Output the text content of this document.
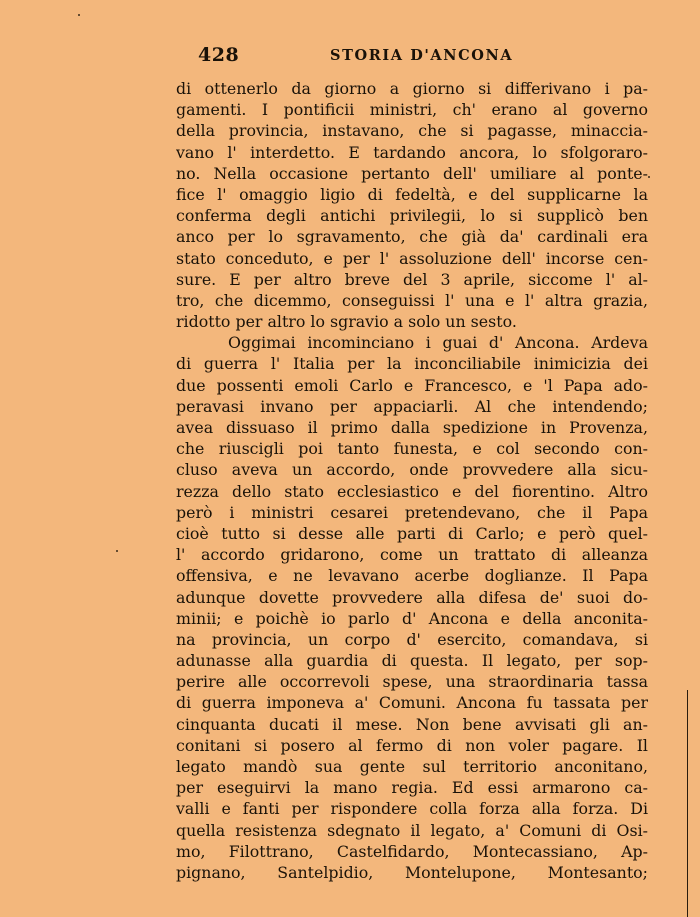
428	STORIA D'ANCONA
di ottenerlo da giorno a giorno si differivano i pa-
gamenti. I pontificii ministri, ch' erano al governo
della provincia, instavano, che si pagasse, minaccia-
vano l' interdetto. E tardando ancora, lo sfolgoraro-
no. Nella occasione pertanto dell' umiliare al ponte-
fice l' omaggio ligio di fedeltà, e del supplicarne la
conferma degli antichi privilegii, lo si supplicò ben
anco per lo sgravamento, che già da' cardinali era
stato conceduto, e per l' assoluzione dell' incorse cen-
sure. E per altro breve del 3 aprile, siccome l' al-
tro, che dicemmo, conseguissi l' una e l' altra grazia,
ridotto per altro lo sgravio a solo un sesto.
Oggimai incominciano i guai d' Ancona. Ardeva
di guerra l' Italia per la inconciliabile inimicizia dei
due possenti emoli Carlo e Francesco, e 'l Papa ado-
peravasi invano per appaciarli. Al che intendendo;
avea dissuaso il primo dalla spedizione in Provenza,
che riuscigli poi tanto funesta, e col secondo con-
cluso aveva un accordo, onde provvedere alla sicu-
rezza dello stato ecclesiastico e del fiorentino. Altro
però i ministri cesarei pretendevano, che il Papa
cioè tutto si desse alle parti di Carlo; e però quel-
l' accordo gridarono, come un trattato di alleanza
offensiva, e ne levavano acerbe doglianze. Il Papa
adunque dovette provvedere alla difesa de' suoi do-
minii; e poichè io parlo d' Ancona e della anconita-
na provincia, un corpo d' esercito, comandava, si
adunasse alla guardia di questa. Il legato, per sop-
perire alle occorrevoli spese, una straordinaria tassa
di guerra imponeva a' Comuni. Ancona fu tassata per
cinquanta ducati il mese. Non bene avvisati gli an-
conitani si posero al fermo di non voler pagare. Il
legato mandò sua gente sul territorio anconitano,
per eseguirvi la mano regia. Ed essi armarono ca-
valli e fanti per rispondere colla forza alla forza. Di
quella resistenza sdegnato il legato, a' Comuni di Osi-
mo, Filottrano, Castelfidardo, Montecassiano, Ap-
pignano, Santelpidio, Montelupone, Montesanto;
